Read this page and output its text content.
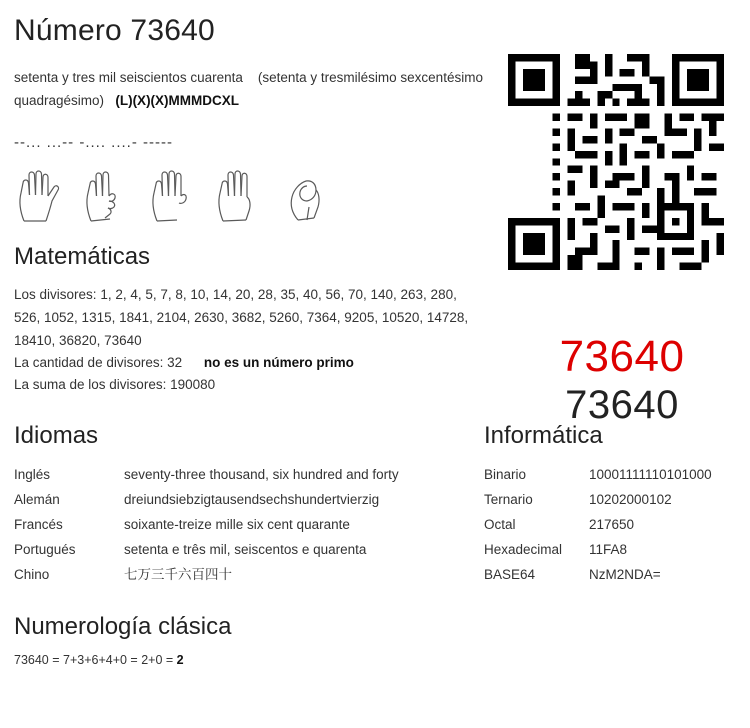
Número 73640
setenta y tres mil seiscientos cuarenta (setenta y tresmilésimo sexcentésimo quadragésimo) (L)(X)(X)MMMDCXL
--... ...-- -.... ....- -----
Matemáticas
Los divisores: 1, 2, 4, 5, 7, 8, 10, 14, 20, 28, 35, 40, 56, 70, 140, 263, 280, 526, 1052, 1315, 1841, 2104, 2630, 3682, 5260, 7364, 9205, 10520, 14728, 18410, 36820, 73640
La cantidad de divisores: 32 no es un número primo
La suma de los divisores: 190080
Idiomas
Inglés	seventy-three thousand, six hundred and forty
Alemán	dreiundsiebzigtausendsechshundertvierzig
Francés	soixante-treize mille six cent quarante
Portugués	setenta e três mil, seiscentos e quarenta
Chino	七万三千六百四十
Informática
Binario	10001111110101000
Ternario	10202000102
Octal	217650
Hexadecimal	11FA8
BASE64	NzM2NDA=
Numerología clásica
73640 = 7+3+6+4+0 = 2+0 = 2
73640
73640
